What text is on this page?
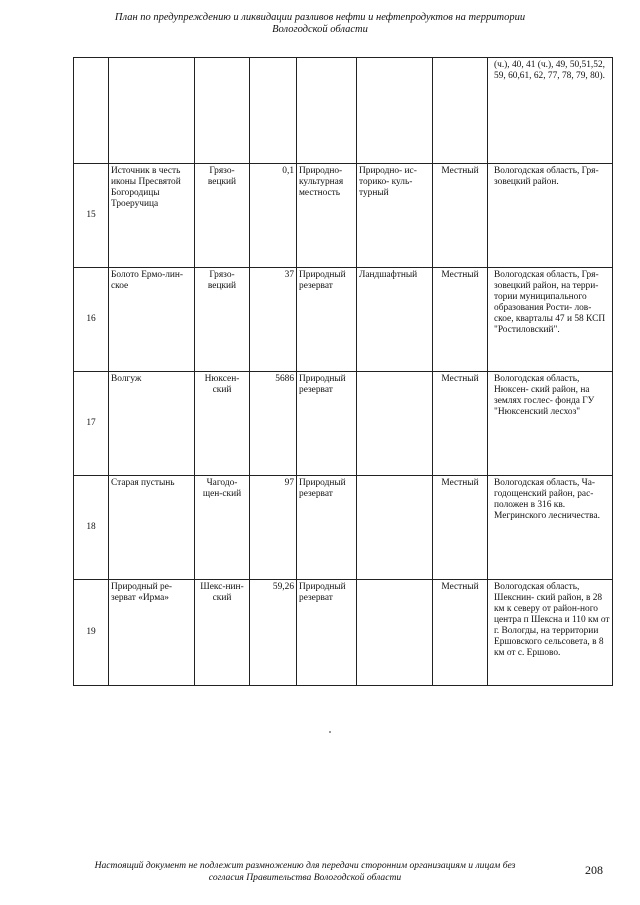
План по предупреждению и ликвидации разливов нефти и нефтепродуктов на территории
Вологодской области
							(ч.), 40, 41 (ч.), 49, 50,51,52, 59, 60,61, 62, 77, 78, 79, 80).
15	Источник в честь иконы Пресвятой Богородицы Троеручица	Грязо-вецкий	0,1	Природно-культурная местность	Природно- ис-торико- куль-турный	Местный	Вологодская область, Гря-зовецкий район.
16	Болото Ермо-лин- ское	Грязо-вецкий	37	Природный резерват	Ландшафтный	Местный	Вологодская область, Гря-зовецкий район, на терри-тории муниципального образования Рости- лов-ское, кварталы 47 и 58 КСП "Ростиловский".
17	Волгуж	Нюксен-ский	5686	Природный резерват		Местный	Вологодская область, Нюксен- ский район, на землях гослес- фонда ГУ "Нюксенский лесхоз"
18	Старая пустынь	Чагодо-щен-ский	97	Природный резерват		Местный	Вологодская область, Ча-годощенский район, рас-положен в 316 кв. Мегринского лесничества.
19	Природный ре-зерват «Ирма»	Шекс-нин- ский	59,26	Природный резерват		Местный	Вологодская область, Шекснин- ский район, в 28 км к северу от район-ного центра п Шексна и 110 км от г. Вологды, на территории Ершовского сельсовета, в 8 км от с. Ершово.
Настоящий документ не подлежит размножению для передачи сторонним организациям и лицам без
согласия Правительства Вологодской области
208
